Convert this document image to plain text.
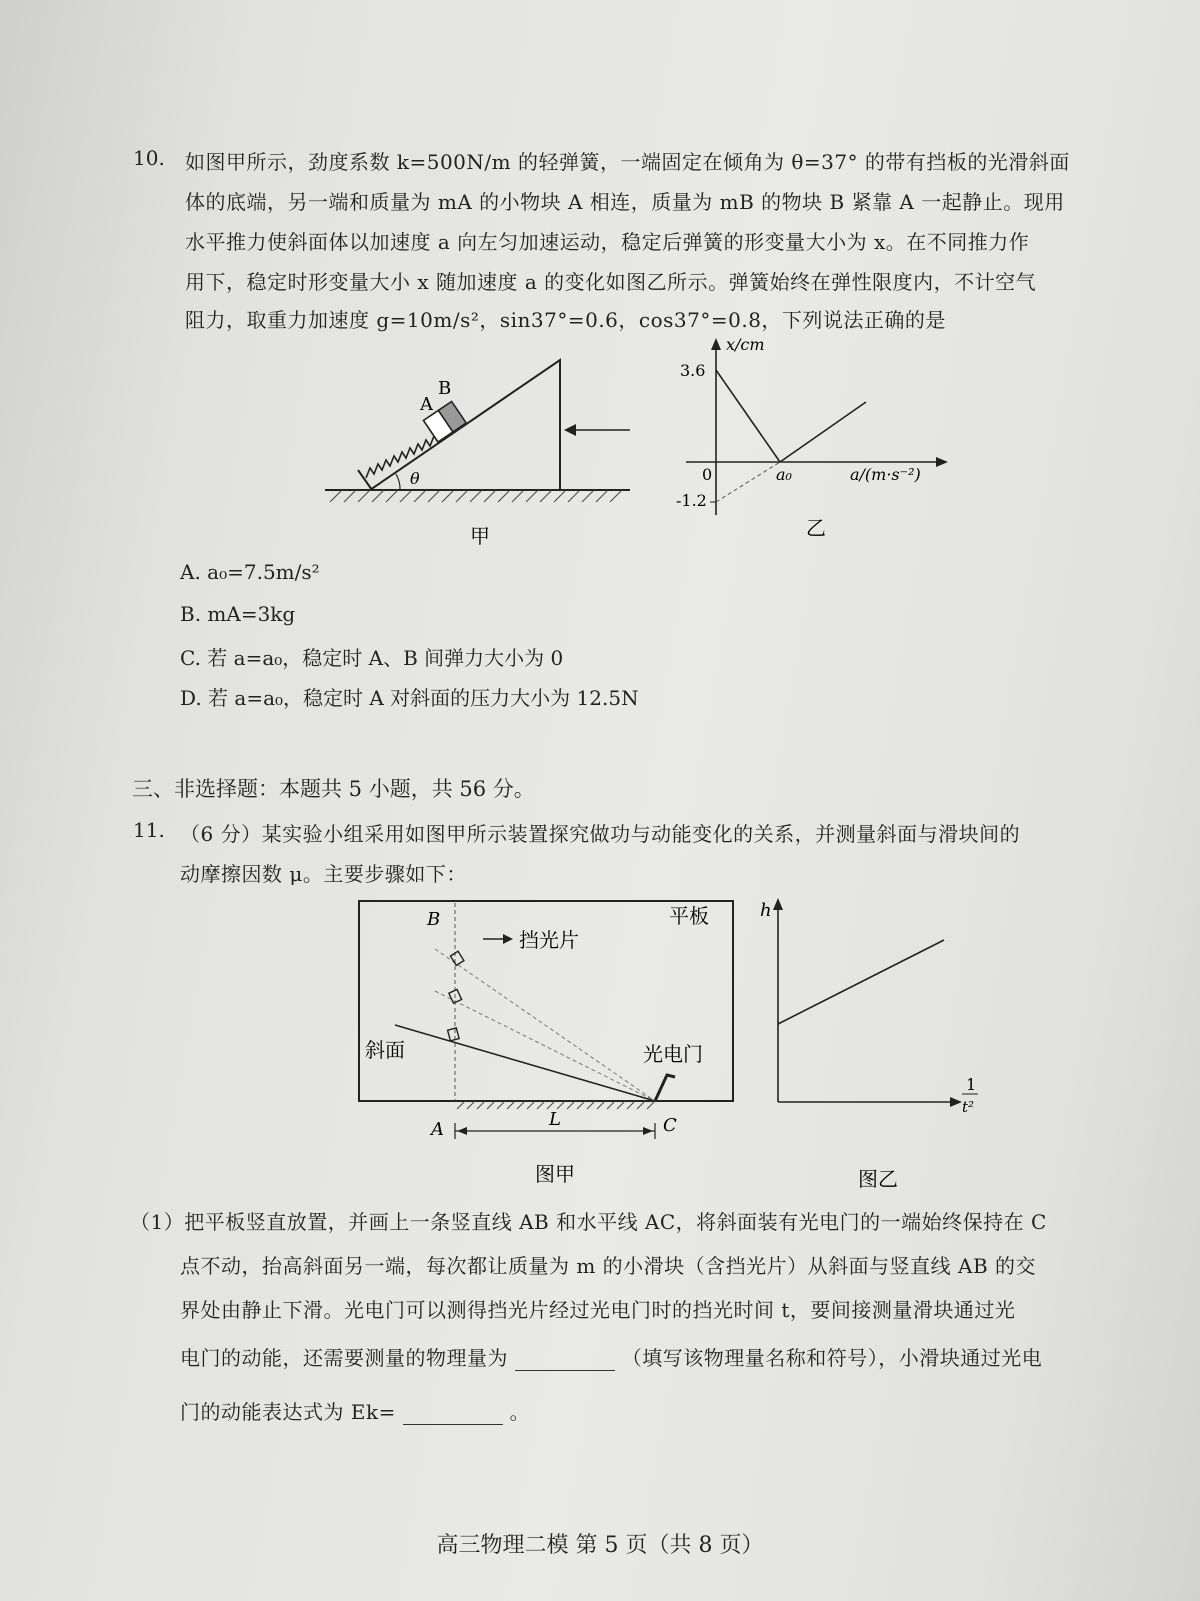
10. 如图甲所示，劲度系数 k=500N/m 的轻弹簧，一端固定在倾角为 θ=37° 的带有挡板的光滑斜面
体的底端，另一端和质量为 mA 的小物块 A 相连，质量为 mB 的物块 B 紧靠 A 一起静止。现用
水平推力使斜面体以加速度 a 向左匀加速运动，稳定后弹簧的形变量大小为 x。在不同推力作
用下，稳定时形变量大小 x 随加速度 a 的变化如图乙所示。弹簧始终在弹性限度内，不计空气
阻力，取重力加速度 g=10m/s²，sin37°=0.6，cos37°=0.8，下列说法正确的是
A
B
θ
甲
x/cm
a/(m·s⁻²)
3.6
0
-1.2
a₀
乙
A. a₀=7.5m/s²
B. mA=3kg
C. 若 a=a₀，稳定时 A、B 间弹力大小为 0
D. 若 a=a₀，稳定时 A 对斜面的压力大小为 12.5N
三、非选择题：本题共 5 小题，共 56 分。
11. （6 分）某实验小组采用如图甲所示装置探究做功与动能变化的关系，并测量斜面与滑块间的
动摩擦因数 μ。主要步骤如下：
B
挡光片
平板
斜面	光电门
A	C
L
图甲
h
1
t²
图乙
（1）把平板竖直放置，并画上一条竖直线 AB 和水平线 AC，将斜面装有光电门的一端始终保持在 C
点不动，抬高斜面另一端，每次都让质量为 m 的小滑块（含挡光片）从斜面与竖直线 AB 的交
界处由静止下滑。光电门可以测得挡光片经过光电门时的挡光时间 t，要间接测量滑块通过光
电门的动能，还需要测量的物理量为	（填写该物理量名称和符号），小滑块通过光电
门的动能表达式为 Ek=	。
高三物理二模 第 5 页（共 8 页）
